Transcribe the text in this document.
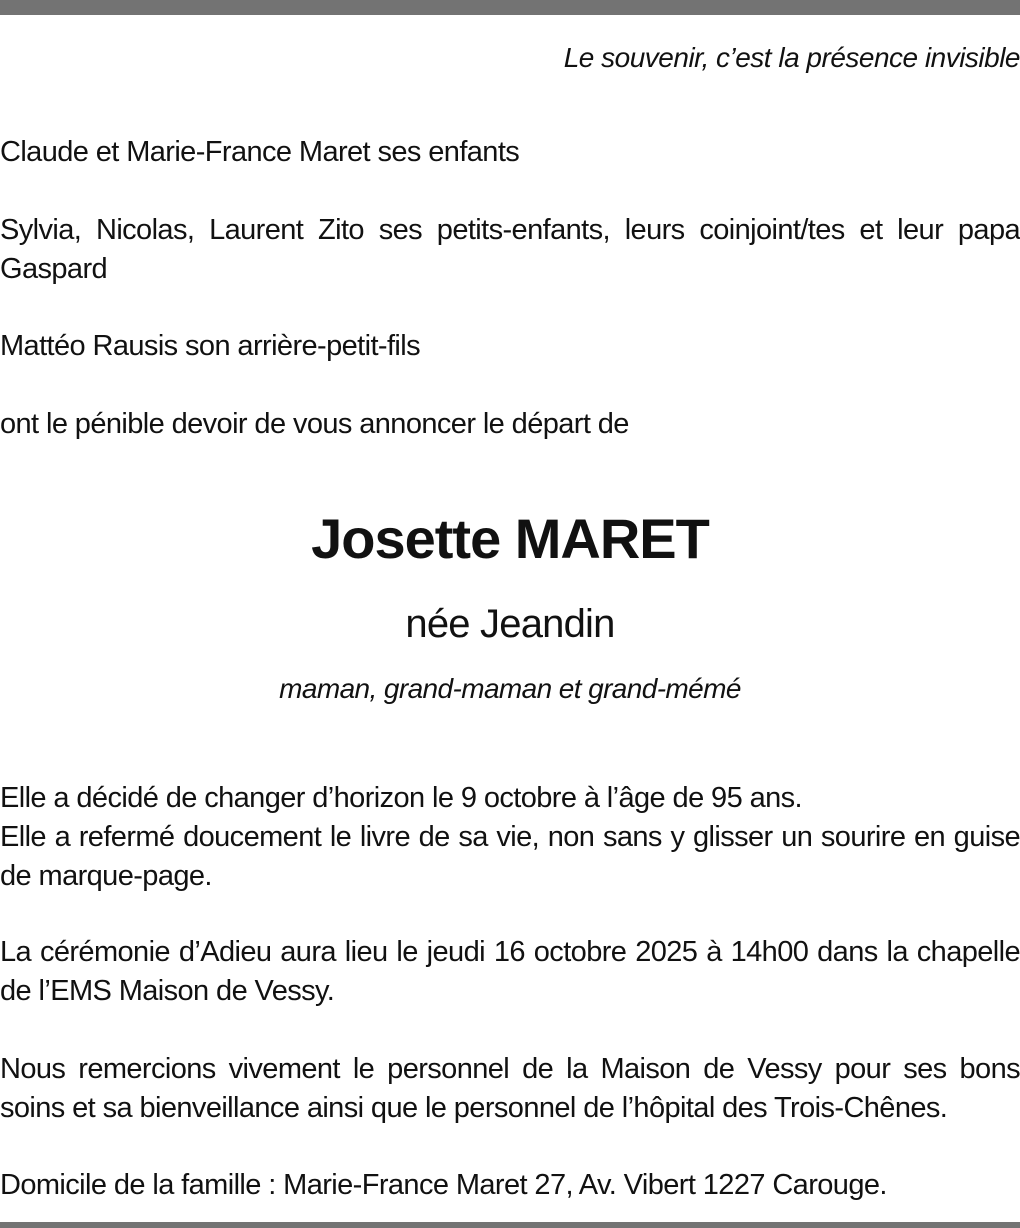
Le souvenir, c’est la présence invisible

Claude et Marie-France Maret ses enfants

Sylvia, Nicolas, Laurent Zito ses petits-enfants, leurs coinjoint/tes et leur papa Gaspard

Mattéo Rausis son arrière-petit-fils

ont le pénible devoir de vous annoncer le départ de

Josette MARET

née Jeandin

maman, grand-maman et grand-mémé

Elle a décidé de changer d’horizon le 9 octobre à l’âge de 95 ans.
Elle a refermé doucement le livre de sa vie, non sans y glisser un sourire en guise de marque-page.

La cérémonie d’Adieu aura lieu le jeudi 16 octobre 2025 à 14h00 dans la chapelle de l’EMS Maison de Vessy.

Nous remercions vivement le personnel de la Maison de Vessy pour ses bons soins et sa bienveillance ainsi que le personnel de l’hôpital des Trois-Chênes.

Domicile de la famille : Marie-France Maret 27, Av. Vibert 1227 Carouge.
